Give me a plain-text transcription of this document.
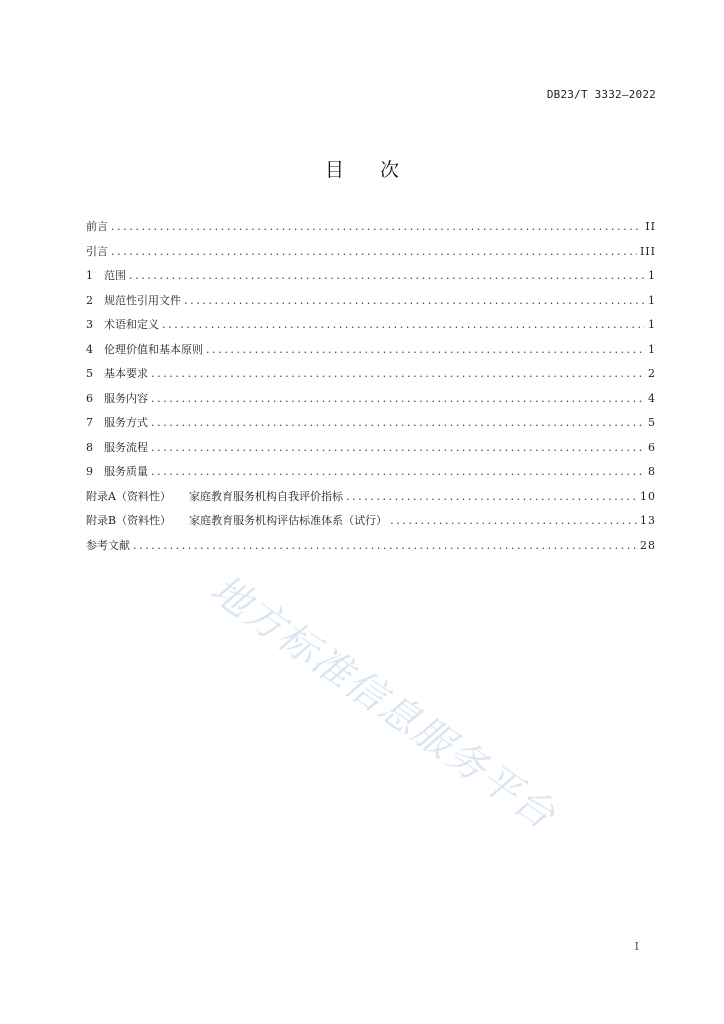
DB23/T 3332—2022
目 次
前言 .....	II
引言 .....	III
1	范围 .....	1
2	规范性引用文件 .....	1
3	术语和定义 .....	1
4	伦理价值和基本原则 .....	1
5	基本要求 .....	2
6	服务内容 .....	4
7	服务方式 .....	5
8	服务流程 .....	6
9	服务质量 .....	8
附录A（资料性） 家庭教育服务机构自我评价指标 .....	10
附录B（资料性） 家庭教育服务机构评估标准体系（试行） .....	13
参考文献 .....	28
地方标准信息服务平台
I
